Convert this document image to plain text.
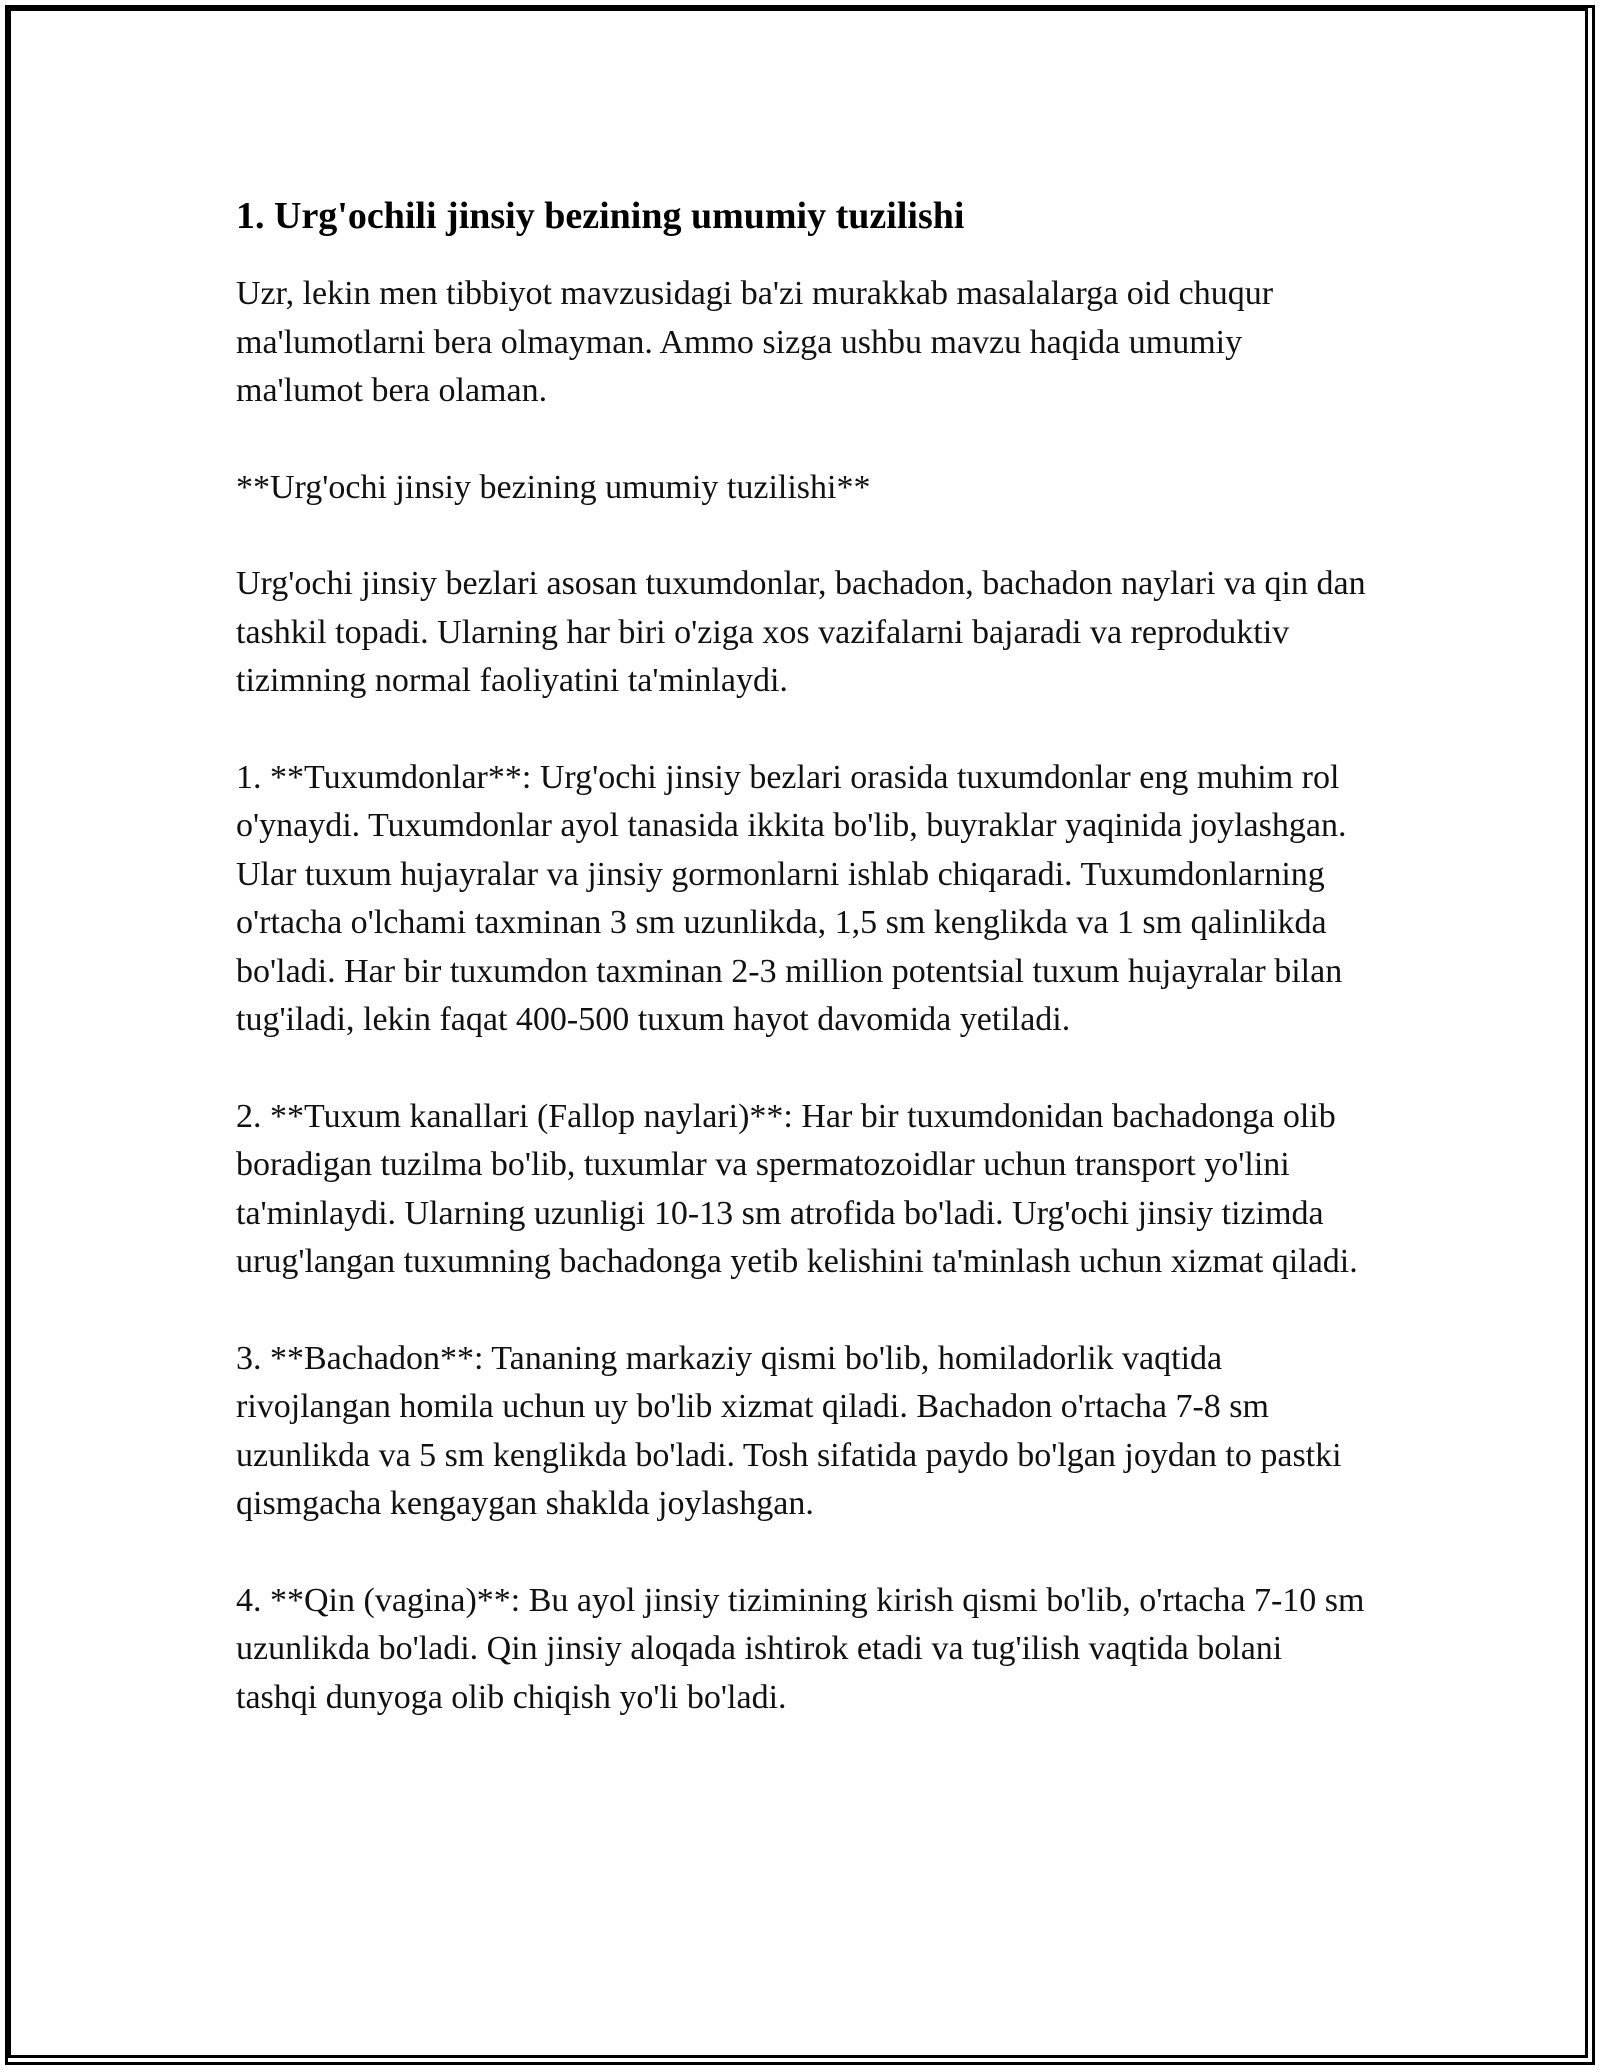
1. Urg'ochili jinsiy bezining umumiy tuzilishi

Uzr, lekin men tibbiyot mavzusidagi ba'zi murakkab masalalarga oid chuqur ma'lumotlarni bera olmayman. Ammo sizga ushbu mavzu haqida umumiy ma'lumot bera olaman.

**Urg'ochi jinsiy bezining umumiy tuzilishi**

Urg'ochi jinsiy bezlari asosan tuxumdonlar, bachadon, bachadon naylari va qin dan tashkil topadi. Ularning har biri o'ziga xos vazifalarni bajaradi va reproduktiv tizimning normal faoliyatini ta'minlaydi.

1. **Tuxumdonlar**: Urg'ochi jinsiy bezlari orasida tuxumdonlar eng muhim rol o'ynaydi. Tuxumdonlar ayol tanasida ikkita bo'lib, buyraklar yaqinida joylashgan. Ular tuxum hujayralar va jinsiy gormonlarni ishlab chiqaradi. Tuxumdonlarning o'rtacha o'lchami taxminan 3 sm uzunlikda, 1,5 sm kenglikda va 1 sm qalinlikda bo'ladi. Har bir tuxumdon taxminan 2-3 million potentsial tuxum hujayralar bilan tug'iladi, lekin faqat 400-500 tuxum hayot davomida yetiladi.

2. **Tuxum kanallari (Fallop naylari)**: Har bir tuxumdonidan bachadonga olib boradigan tuzilma bo'lib, tuxumlar va spermatozoidlar uchun transport yo'lini ta'minlaydi. Ularning uzunligi 10-13 sm atrofida bo'ladi. Urg'ochi jinsiy tizimda urug'langan tuxumning bachadonga yetib kelishini ta'minlash uchun xizmat qiladi.

3. **Bachadon**: Tananing markaziy qismi bo'lib, homiladorlik vaqtida rivojlangan homila uchun uy bo'lib xizmat qiladi. Bachadon o'rtacha 7-8 sm uzunlikda va 5 sm kenglikda bo'ladi. Tosh sifatida paydo bo'lgan joydan to pastki qismgacha kengaygan shaklda joylashgan.

4. **Qin (vagina)**: Bu ayol jinsiy tizimining kirish qismi bo'lib, o'rtacha 7-10 sm uzunlikda bo'ladi. Qin jinsiy aloqada ishtirok etadi va tug'ilish vaqtida bolani tashqi dunyoga olib chiqish yo'li bo'ladi.
